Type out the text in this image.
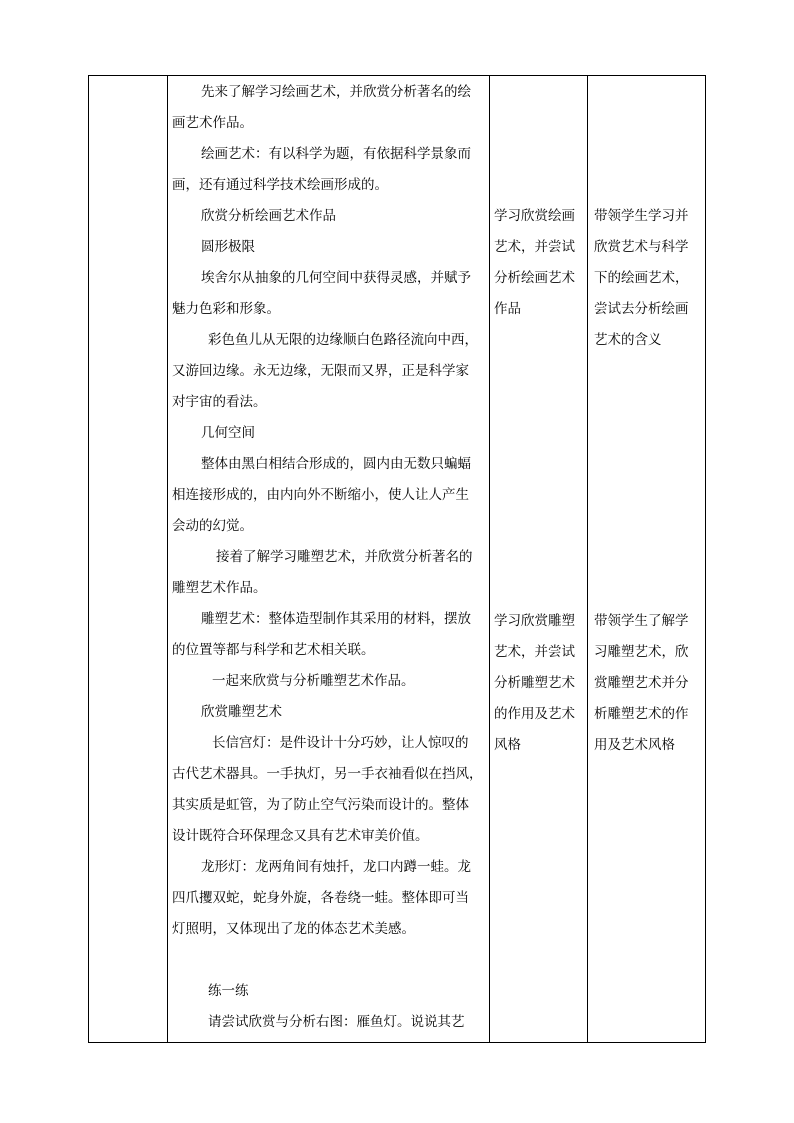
先来了解学习绘画艺术，并欣赏分析著名的绘

画艺术作品。

绘画艺术：有以科学为题，有依据科学景象而

画，还有通过科学技术绘画形成的。

欣赏分析绘画艺术作品

圆形极限

埃舍尔从抽象的几何空间中获得灵感，并赋予

魅力色彩和形象。

彩色鱼儿从无限的边缘顺白色路径流向中西，

又游回边缘。永无边缘，无限而又界，正是科学家

对宇宙的看法。

几何空间

整体由黑白相结合形成的，圆内由无数只蝙蝠

相连接形成的，由内向外不断缩小，使人让人产生

会动的幻觉。

接着了解学习雕塑艺术，并欣赏分析著名的

雕塑艺术作品。

雕塑艺术：整体造型制作其采用的材料，摆放

的位置等都与科学和艺术相关联。

一起来欣赏与分析雕塑艺术作品。

欣赏雕塑艺术

长信宫灯：是件设计十分巧妙，让人惊叹的

古代艺术器具。一手执灯，另一手衣袖看似在挡风，

其实质是虹管，为了防止空气污染而设计的。整体

设计既符合环保理念又具有艺术审美价值。

龙形灯：龙两角间有烛扦，龙口内蹲一蛙。龙

四爪攫双蛇，蛇身外旋，各卷绕一蛙。整体即可当

灯照明，又体现出了龙的体态艺术美感。

练一练

请尝试欣赏与分析右图：雁鱼灯。说说其艺

学习欣赏绘画

艺术，并尝试

分析绘画艺术

作品

学习欣赏雕塑

艺术，并尝试

分析雕塑艺术

的作用及艺术

风格

带领学生学习并

欣赏艺术与科学

下的绘画艺术，

尝试去分析绘画

艺术的含义

带领学生了解学

习雕塑艺术，欣

赏雕塑艺术并分

析雕塑艺术的作

用及艺术风格
